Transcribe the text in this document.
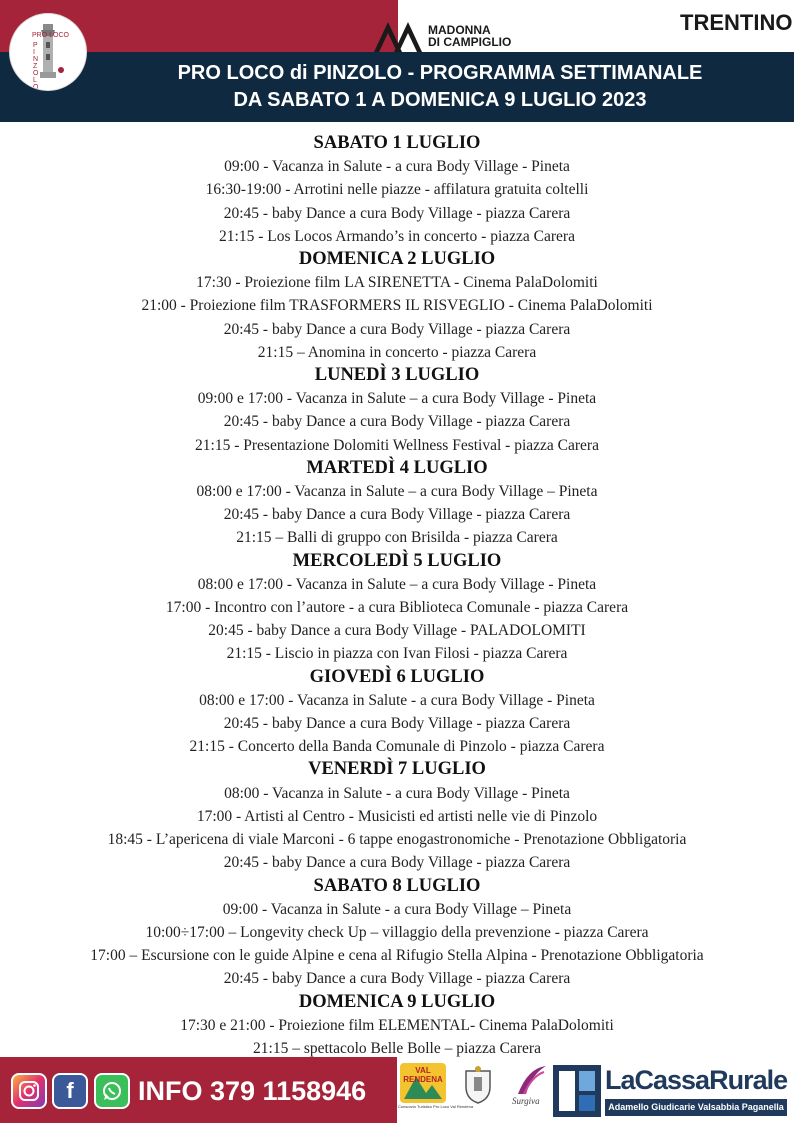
MADONNA
DI CAMPIGLIO
TRENTINO
PRO LOCO
PINZOLO
PRO LOCO di PINZOLO - PROGRAMMA SETTIMANALE
DA SABATO 1 A DOMENICA 9 LUGLIO 2023
SABATO 1 LUGLIO
09:00 - Vacanza in Salute - a cura Body Village - Pineta
16:30-19:00 - Arrotini nelle piazze - affilatura gratuita coltelli
20:45 - baby Dance a cura Body Village - piazza Carera
21:15 - Los Locos Armando’s in concerto - piazza Carera
DOMENICA 2 LUGLIO
17:30 - Proiezione film LA SIRENETTA - Cinema PalaDolomiti
21:00 - Proiezione film TRASFORMERS IL RISVEGLIO - Cinema PalaDolomiti
20:45 - baby Dance a cura Body Village - piazza Carera
21:15 – Anomina in concerto - piazza Carera
LUNEDÌ 3 LUGLIO
09:00 e 17:00 - Vacanza in Salute – a cura Body Village - Pineta
20:45 - baby Dance a cura Body Village - piazza Carera
21:15 - Presentazione Dolomiti Wellness Festival - piazza Carera
MARTEDÌ 4 LUGLIO
08:00 e 17:00 - Vacanza in Salute – a cura Body Village – Pineta
20:45 - baby Dance a cura Body Village - piazza Carera
21:15 – Balli di gruppo con Brisilda - piazza Carera
MERCOLEDÌ 5 LUGLIO
08:00 e 17:00 - Vacanza in Salute – a cura Body Village - Pineta
17:00 - Incontro con l’autore - a cura Biblioteca Comunale - piazza Carera
20:45 - baby Dance a cura Body Village - PALADOLOMITI
21:15 - Liscio in piazza con Ivan Filosi - piazza Carera
GIOVEDÌ 6 LUGLIO
08:00 e 17:00 - Vacanza in Salute - a cura Body Village - Pineta
20:45 - baby Dance a cura Body Village - piazza Carera
21:15 - Concerto della Banda Comunale di Pinzolo - piazza Carera
VENERDÌ 7 LUGLIO
08:00 - Vacanza in Salute - a cura Body Village - Pineta
17:00 - Artisti al Centro - Musicisti ed artisti nelle vie di Pinzolo
18:45 - L’apericena di viale Marconi - 6 tappe enogastronomiche - Prenotazione Obbligatoria
20:45 - baby Dance a cura Body Village - piazza Carera
SABATO 8 LUGLIO
09:00 - Vacanza in Salute - a cura Body Village – Pineta
10:00÷17:00 – Longevity check Up – villaggio della prevenzione - piazza Carera
17:00 – Escursione con le guide Alpine e cena al Rifugio Stella Alpina - Prenotazione Obbligatoria
20:45 - baby Dance a cura Body Village - piazza Carera
DOMENICA 9 LUGLIO
17:30 e 21:00 - Proiezione film ELEMENTAL- Cinema PalaDolomiti
21:15 – spettacolo Belle Bolle – piazza Carera
f INFO 379 1158946
VAL
RENDENA
Consorzio Turistico Pro Loco Val Rendena
Surgiva
LaCassaRurale
Adamello Giudicarie Valsabbia Paganella
